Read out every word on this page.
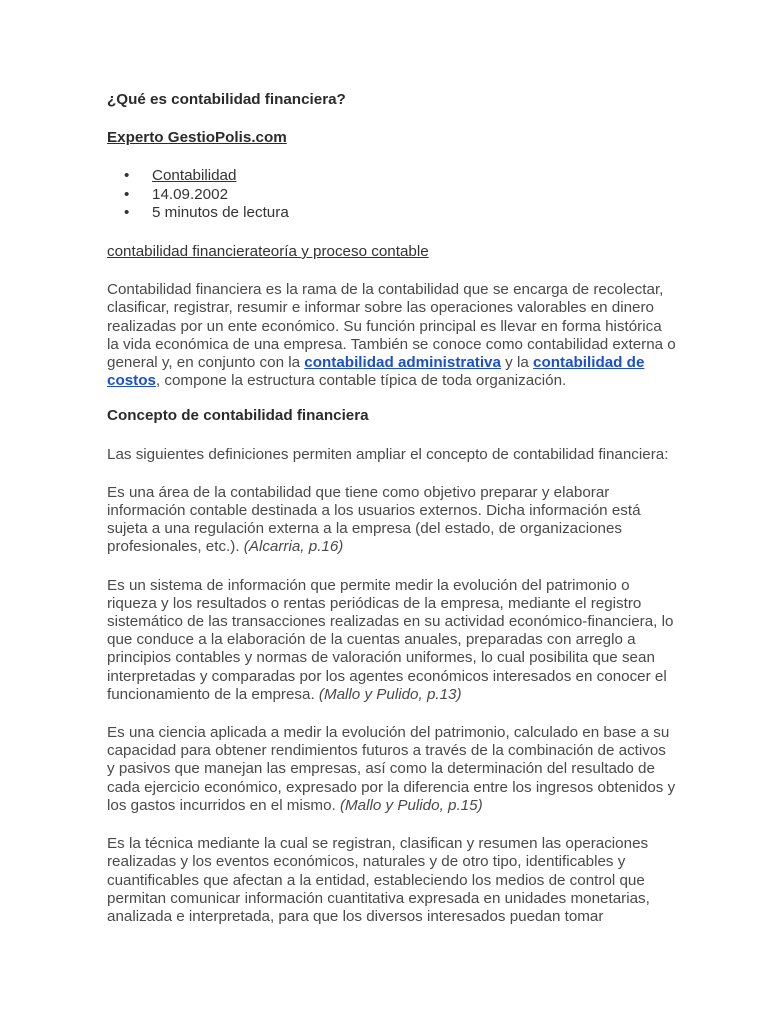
¿Qué es contabilidad financiera?
Experto GestioPolis.com
• Contabilidad
• 14.09.2002
• 5 minutos de lectura
contabilidad financierateoría y proceso contable

Contabilidad financiera es la rama de la contabilidad que se encarga de recolectar, clasificar, registrar, resumir e informar sobre las operaciones valorables en dinero realizadas por un ente económico. Su función principal es llevar en forma histórica la vida económica de una empresa. También se conoce como contabilidad externa o general y, en conjunto con la contabilidad administrativa y la contabilidad de costos, compone la estructura contable típica de toda organización.

Concepto de contabilidad financiera

Las siguientes definiciones permiten ampliar el concepto de contabilidad financiera:

Es una área de la contabilidad que tiene como objetivo preparar y elaborar información contable destinada a los usuarios externos. Dicha información está sujeta a una regulación externa a la empresa (del estado, de organizaciones profesionales, etc.). (Alcarria, p.16)

Es un sistema de información que permite medir la evolución del patrimonio o riqueza y los resultados o rentas periódicas de la empresa, mediante el registro sistemático de las transacciones realizadas en su actividad económico-financiera, lo que conduce a la elaboración de la cuentas anuales, preparadas con arreglo a principios contables y normas de valoración uniformes, lo cual posibilita que sean interpretadas y comparadas por los agentes económicos interesados en conocer el funcionamiento de la empresa. (Mallo y Pulido, p.13)

Es una ciencia aplicada a medir la evolución del patrimonio, calculado en base a su capacidad para obtener rendimientos futuros a través de la combinación de activos y pasivos que manejan las empresas, así como la determinación del resultado de cada ejercicio económico, expresado por la diferencia entre los ingresos obtenidos y los gastos incurridos en el mismo. (Mallo y Pulido, p.15)

Es la técnica mediante la cual se registran, clasifican y resumen las operaciones realizadas y los eventos económicos, naturales y de otro tipo, identificables y cuantificables que afectan a la entidad, estableciendo los medios de control que permitan comunicar información cuantitativa expresada en unidades monetarias, analizada e interpretada, para que los diversos interesados puedan tomar
